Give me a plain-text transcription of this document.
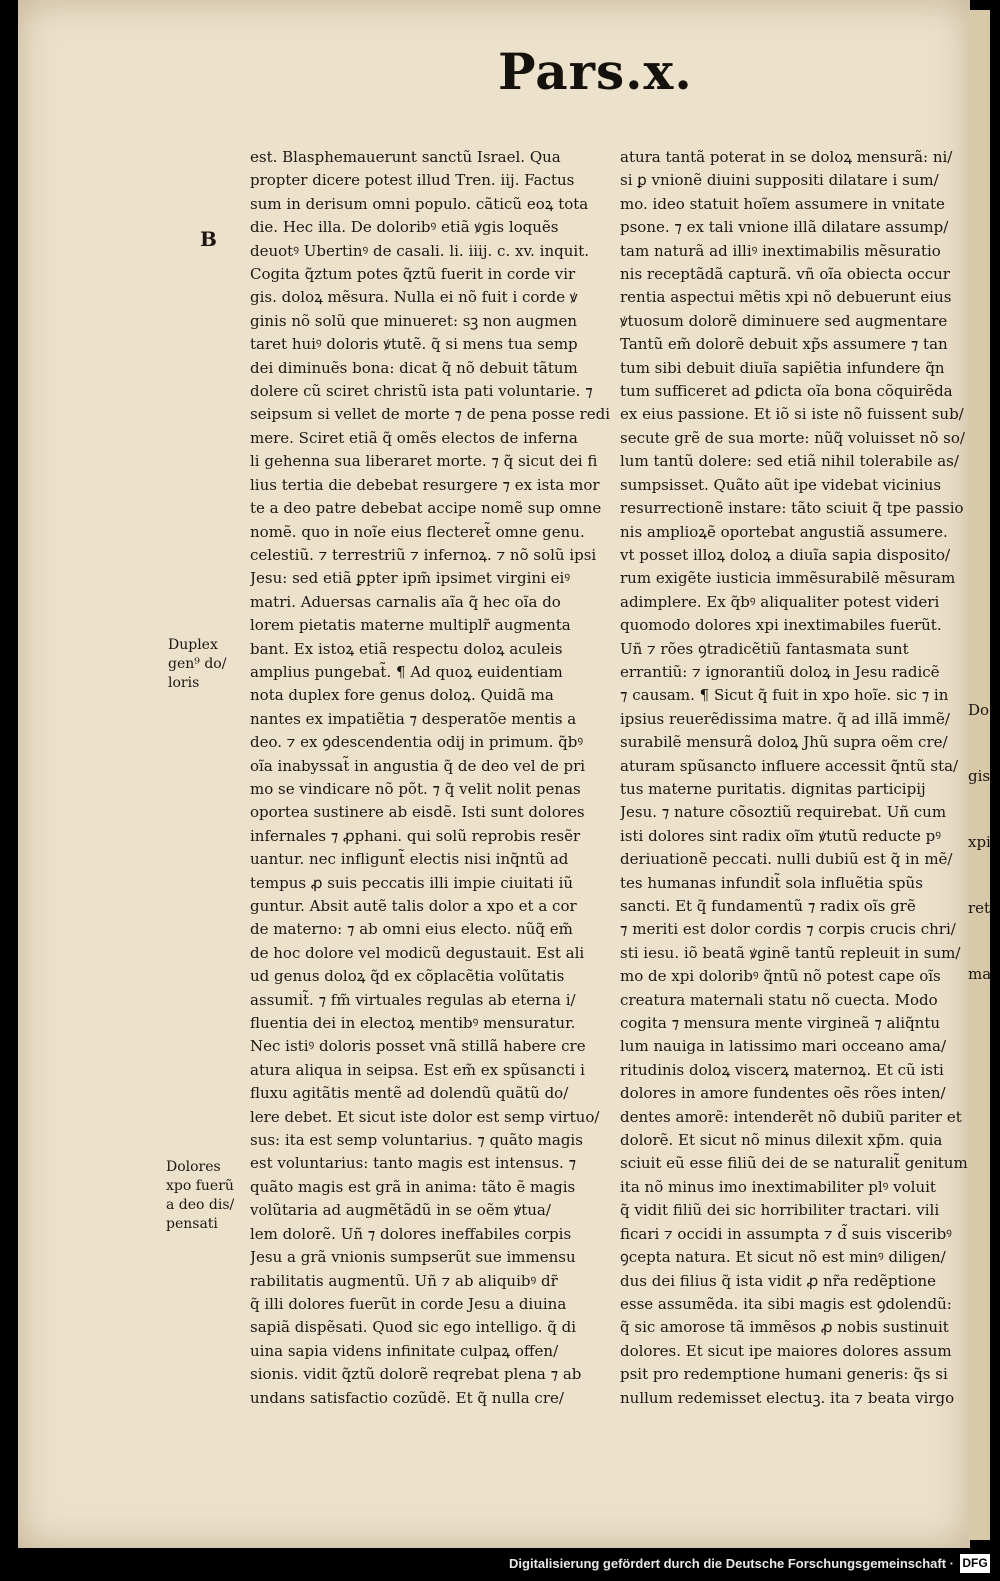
Pars.x.
B
Duplex
gen⁹ do/
loris
Dolores
xpo fuerũ
a deo dis/
pensati
est. Blasphemauerunt sanctũ Israel. Qua
propter dicere potest illud Tren. iij. Factus
sum in derisum omni populo. cãticũ eoꝝ tota
die. Hec illa. De doloribꝰ etiã ꝟgis loquẽs
deuotꝰ Ubertinꝰ de casali. li. iiij. c. xv. inquit.
Cogita q̃ztum potes q̃ztũ fuerit in corde vir
gis. doloꝝ mẽsura. Nulla ei nõ fuit i corde ꝟ
ginis nõ solũ que minueret: sꝫ non augmen
taret huiꝰ doloris ꝟtutẽ. q̃ si mens tua semp
dei diminuẽs bona: dicat q̃ nõ debuit tãtum
dolere cũ sciret christũ ista pati voluntarie. ⁊
seipsum si vellet de morte ⁊ de pena posse redi
mere. Sciret etiã q̃ omẽs electos de inferna
li gehenna sua liberaret morte. ⁊ q̃ sicut dei fi
lius tertia die debebat resurgere ⁊ ex ista mor
te a deo patre debebat accipe nomẽ sup omne
nomẽ. quo in noĩe eius flecteret̃ omne genu.
celestiũ. ⁊ terrestriũ ⁊ infernoꝝ. ⁊ nõ solũ ipsi
Jesu: sed etiã ꝑpter ipm̃ ipsimet virgini eiꝰ
matri. Aduersas carnalis aĩa q̃ hec oĩa do
lorem pietatis materne multiplr̃ augmenta
bant. Ex istoꝝ etiã respectu doloꝝ aculeis
amplius pungebat̃. ¶ Ad quoꝝ euidentiam
nota duplex fore genus doloꝝ. Quidã ma
nantes ex impatiẽtia ⁊ desperatõe mentis a
deo. ⁊ ex ꝯdescendentia odij in primum. q̃bꝰ
oĩa inabyssat̃ in angustia q̃ de deo vel de pri
mo se vindicare nõ põt. ⁊ q̃ velit nolit penas
oportea sustinere ab eisdẽ. Isti sunt dolores
infernales ⁊ ꝓphani. qui solũ reprobis resẽr
uantur. nec infligunt̃ electis nisi inq̃ntũ ad
tempus ꝓ suis peccatis illi impie ciuitati iũ
guntur. Absit autẽ talis dolor a xpo et a cor
de materno: ⁊ ab omni eius electo. nũq̃ em̃
de hoc dolore vel modicũ degustauit. Est ali
ud genus doloꝝ q̃d ex cõplacẽtia volũtatis
assumit̃. ⁊ fm̃ virtuales regulas ab eterna i/
fluentia dei in electoꝝ mentibꝰ mensuratur.
Nec istiꝰ doloris posset vnã stillã habere cre
atura aliqua in seipsa. Est em̃ ex spũsancti i
fluxu agitãtis mentẽ ad dolendũ quãtũ do/
lere debet. Et sicut iste dolor est semp virtuo/
sus: ita est semp voluntarius. ⁊ quãto magis
est voluntarius: tanto magis est intensus. ⁊
quãto magis est grã in anima: tãto ẽ magis
volũtaria ad augmẽtãdũ in se oẽm ꝟtua/
lem dolorẽ. Uñ ⁊ dolores ineffabiles corpis
Jesu a grã vnionis sumpserũt sue immensu
rabilitatis augmentũ. Uñ ⁊ ab aliquibꝰ dr̃
q̃ illi dolores fuerũt in corde Jesu a diuina
sapiã dispẽsati. Quod sic ego intelligo. q̃ di
uina sapia videns infinitate culpaꝝ offen/
sionis. vidit q̃ztũ dolorẽ reqrebat plena ⁊ ab
undans satisfactio cozũdẽ. Et q̃ nulla cre/
atura tantã poterat in se doloꝝ mensurã: ni/
si ꝑ vnionẽ diuini suppositi dilatare i sum/
mo. ideo statuit hoĩem assumere in vnitate
psone. ⁊ ex tali vnione illã dilatare assump/
tam naturã ad illiꝰ inextimabilis mẽsuratio
nis receptãdã capturã. vñ oĩa obiecta occur
rentia aspectui mẽtis xpi nõ debuerunt eius
ꝟtuosum dolorẽ diminuere sed augmentare
Tantũ em̃ dolorẽ debuit xp̃s assumere ⁊ tan
tum sibi debuit diuĩa sapiẽtia infundere q̃n
tum sufficeret ad ꝑdicta oĩa bona cõquirẽda
ex eius passione. Et iõ si iste nõ fuissent sub/
secute grẽ de sua morte: nũq̃ voluisset nõ so/
lum tantũ dolere: sed etiã nihil tolerabile as/
sumpsisset. Quãto aũt ipe videbat vicinius
resurrectionẽ instare: tãto sciuit q̃ tpe passio
nis amplioꝝẽ oportebat angustiã assumere.
vt posset illoꝝ doloꝝ a diuĩa sapia disposito/
rum exigẽte iusticia immẽsurabilẽ mẽsuram
adimplere. Ex q̃bꝰ aliqualiter potest videri
quomodo dolores xpi inextimabiles fuerũt.
Uñ ⁊ rões ꝯtradicẽtiũ fantasmata sunt
errantiũ: ⁊ ignorantiũ doloꝝ in Jesu radicẽ
⁊ causam. ¶ Sicut q̃ fuit in xpo hoĩe. sic ⁊ in
ipsius reuerẽdissima matre. q̃ ad illã immẽ/
surabilẽ mensurã doloꝝ Jhũ supra oẽm cre/
aturam spũsancto influere accessit q̃ntũ sta/
tus materne puritatis. dignitas participij
Jesu. ⁊ nature cõsoztiũ requirebat. Uñ cum
isti dolores sint radix oĩm ꝟtutũ reducte pꝰ
deriuationẽ peccati. nulli dubiũ est q̃ in mẽ/
tes humanas infundit̃ sola influẽtia spũs
sancti. Et q̃ fundamentũ ⁊ radix oĩs grẽ
⁊ meriti est dolor cordis ⁊ corpis crucis chri/
sti iesu. iõ beatã ꝟginẽ tantũ repleuit in sum/
mo de xpi doloribꝰ q̃ntũ nõ potest cape oĩs
creatura maternali statu nõ cuecta. Modo
cogita ⁊ mensura mente virgineã ⁊ aliq̃ntu
lum nauiga in latissimo mari occeano ama/
ritudinis doloꝝ viscerꝝ maternoꝝ. Et cũ isti
dolores in amore fundentes oẽs rões inten/
dentes amorẽ: intenderẽt nõ dubiũ pariter et
dolorẽ. Et sicut nõ minus dilexit xp̃m. quia
sciuit eũ esse filiũ dei de se naturalit̃ genitum
ita nõ minus imo inextimabiliter plꝰ voluit
q̃ vidit filiũ dei sic horribiliter tractari. vili
ficari ⁊ occidi in assumpta ⁊ d̃ suis visceribꝰ
ꝯcepta natura. Et sicut nõ est minꝰ diligen/
dus dei filius q̃ ista vidit ꝓ nr̃a redẽptione
esse assumẽda. ita sibi magis est ꝯdolendũ:
q̃ sic amorose tã immẽsos ꝓ nobis sustinuit
dolores. Et sicut ipe maiores dolores assum
psit pro redemptione humani generis: q̃s si
nullum redemisset electuꝫ. ita ⁊ beata virgo

Do

gis

xpi

ret

ma

Digitalisierung gefördert durch die Deutsche Forschungsgemeinschaft · DFG
